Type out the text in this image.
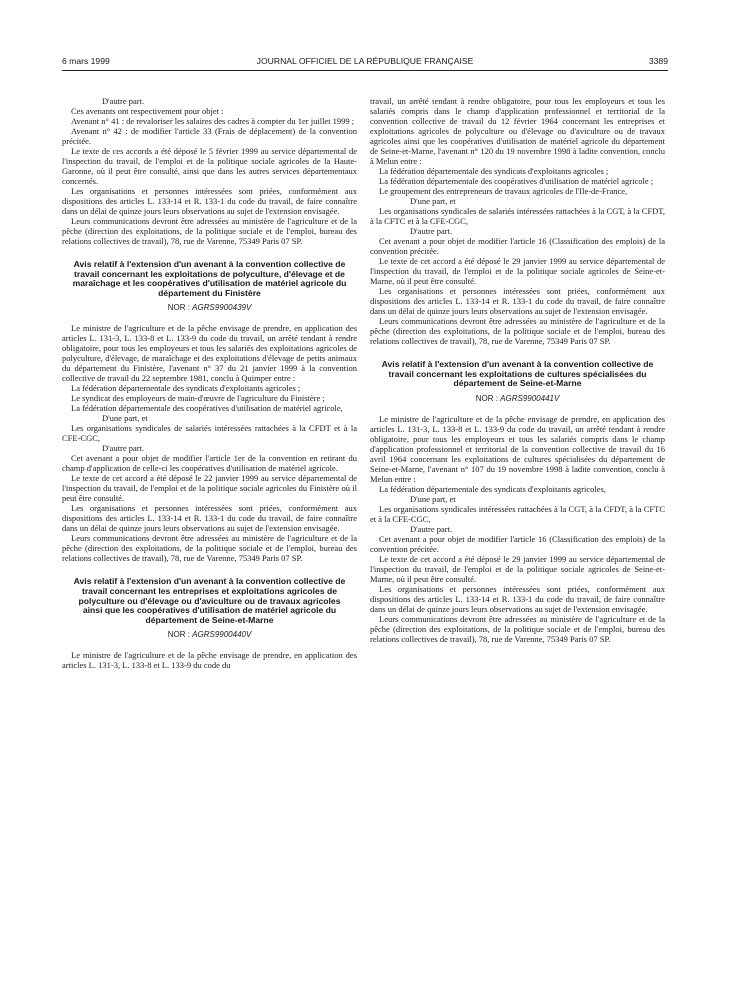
6 mars 1999	JOURNAL OFFICIEL DE LA RÉPUBLIQUE FRANÇAISE	3389

D'autre part.

Ces avenants ont respectivement pour objet :

Avenant n° 41 : de revaloriser les salaires des cadres à compter du 1er juillet 1999 ;

Avenant n° 42 : de modifier l'article 33 (Frais de déplacement) de la convention précitée.

Le texte de ces accords a été déposé le 5 février 1999 au service départemental de l'inspection du travail, de l'emploi et de la politique sociale agricoles de la Haute-Garonne, où il peut être consulté, ainsi que dans les autres services départementaux concernés.

Les organisations et personnes intéressées sont priées, conformément aux dispositions des articles L. 133-14 et R. 133-1 du code du travail, de faire connaître dans un délai de quinze jours leurs observations au sujet de l'extension envisagée.

Leurs communications devront être adressées au ministère de l'agriculture et de la pêche (direction des exploitations, de la politique sociale et de l'emploi, bureau des relations collectives de travail), 78, rue de Varenne, 75349 Paris 07 SP.

Avis relatif à l'extension d'un avenant à la convention collective de travail concernant les exploitations de polyculture, d'élevage et de maraîchage et les coopératives d'utilisation de matériel agricole du département du Finistère
NOR : AGRS9900439V

Le ministre de l'agriculture et de la pêche envisage de prendre, en application des articles L. 131-3, L. 133-8 et L. 133-9 du code du travail, un arrêté tendant à rendre obligatoire, pour tous les employeurs et tous les salariés des exploitations agricoles de polyculture, d'élevage, de maraîchage et des exploitations d'élevage de petits animaux du département du Finistère, l'avenant n° 37 du 21 janvier 1999 à la convention collective de travail du 22 septembre 1981, conclu à Quimper entre :

La fédération départementale des syndicats d'exploitants agricoles ;

Le syndicat des employeurs de main-d'œuvre de l'agriculture du Finistère ;

La fédération départementale des coopératives d'utilisation de matériel agricole,

D'une part, et

Les organisations syndicales de salariés intéressées rattachées à la CFDT et à la CFE-CGC,

D'autre part.

Cet avenant a pour objet de modifier l'article 1er de la convention en retirant du champ d'application de celle-ci les coopératives d'utilisation de matériel agricole.

Le texte de cet accord a été déposé le 22 janvier 1999 au service départemental de l'inspection du travail, de l'emploi et de la politique sociale agricoles du Finistère où il peut être consulté.

Les organisations et personnes intéressées sont priées, conformément aux dispositions des articles L. 133-14 et R. 133-1 du code du travail, de faire connaître dans un délai de quinze jours leurs observations au sujet de l'extension envisagée.

Leurs communications devront être adressées au ministère de l'agriculture et de la pêche (direction des exploitations, de la politique sociale et de l'emploi, bureau des relations collectives de travail), 78, rue de Varenne, 75349 Paris 07 SP.

Avis relatif à l'extension d'un avenant à la convention collective de travail concernant les entreprises et exploitations agricoles de polyculture ou d'élevage ou d'aviculture ou de travaux agricoles ainsi que les coopératives d'utilisation de matériel agricole du département de Seine-et-Marne
NOR : AGRS9900440V

Le ministre de l'agriculture et de la pêche envisage de prendre, en application des articles L. 131-3, L. 133-8 et L. 133-9 du code du

travail, un arrêté tendant à rendre obligatoire, pour tous les employeurs et tous les salariés compris dans le champ d'application professionnel et territorial de la convention collective de travail du 12 février 1964 concernant les entreprises et exploitations agricoles de polyculture ou d'élevage ou d'aviculture ou de travaux agricoles ainsi que les coopératives d'utilisation de matériel agricole du département de Seine-et-Marne, l'avenant n° 120 du 19 novembre 1998 à ladite convention, conclu à Melun entre :

La fédération départementale des syndicats d'exploitants agricoles ;

La fédération départementale des coopératives d'utilisation de matériel agricole ;

Le groupement des entrepreneurs de travaux agricoles de l'Ile-de-France,

D'une part, et

Les organisations syndicales de salariés intéressées rattachées à la CGT, à la CFDT, à la CFTC et à la CFE-CGC,

D'autre part.

Cet avenant a pour objet de modifier l'article 16 (Classification des emplois) de la convention précitée.

Le texte de cet accord a été déposé le 29 janvier 1999 au service départemental de l'inspection du travail, de l'emploi et de la politique sociale agricoles de Seine-et-Marne, où il peut être consulté.

Les organisations et personnes intéressées sont priées, conformément aux dispositions des articles L. 133-14 et R. 133-1 du code du travail, de faire connaître dans un délai de quinze jours leurs observations au sujet de l'extension envisagée.

Leurs communications devront être adressées au ministère de l'agriculture et de la pêche (direction des exploitations, de la politique sociale et de l'emploi, bureau des relations collectives de travail), 78, rue de Varenne, 75349 Paris 07 SP.

Avis relatif à l'extension d'un avenant à la convention collective de travail concernant les exploitations de cultures spécialisées du département de Seine-et-Marne
NOR : AGRS9900441V

Le ministre de l'agriculture et de la pêche envisage de prendre, en application des articles L. 131-3, L. 133-8 et L. 133-9 du code du travail, un arrêté tendant à rendre obligatoire, pour tous les employeurs et tous les salariés compris dans le champ d'application professionnel et territorial de la convention collective de travail du 16 avril 1964 concernant les exploitations de cultures spécialisées du département de Seine-et-Marne, l'avenant n° 107 du 19 novembre 1998 à ladite convention, conclu à Melun entre :

La fédération départementale des syndicats d'exploitants agricoles,

D'une part, et

Les organisations syndicales intéressées rattachées à la CGT, à la CFDT, à la CFTC et à la CFE-CGC,

D'autre part.

Cet avenant a pour objet de modifier l'article 16 (Classification des emplois) de la convention précitée.

Le texte de cet accord a été déposé le 29 janvier 1999 au service départemental de l'inspection du travail, de l'emploi et de la politique sociale agricoles de Seine-et-Marne, où il peut être consulté.

Les organisations et personnes intéressées sont priées, conformément aux dispositions des articles L. 133-14 et R. 133-1 du code du travail, de faire connaître dans un délai de quinze jours leurs observations au sujet de l'extension envisagée.

Leurs communications devront être adressées au ministère de l'agriculture et de la pêche (direction des exploitations, de la politique sociale et de l'emploi, bureau des relations collectives de travail), 78, rue de Varenne, 75349 Paris 07 SP.
